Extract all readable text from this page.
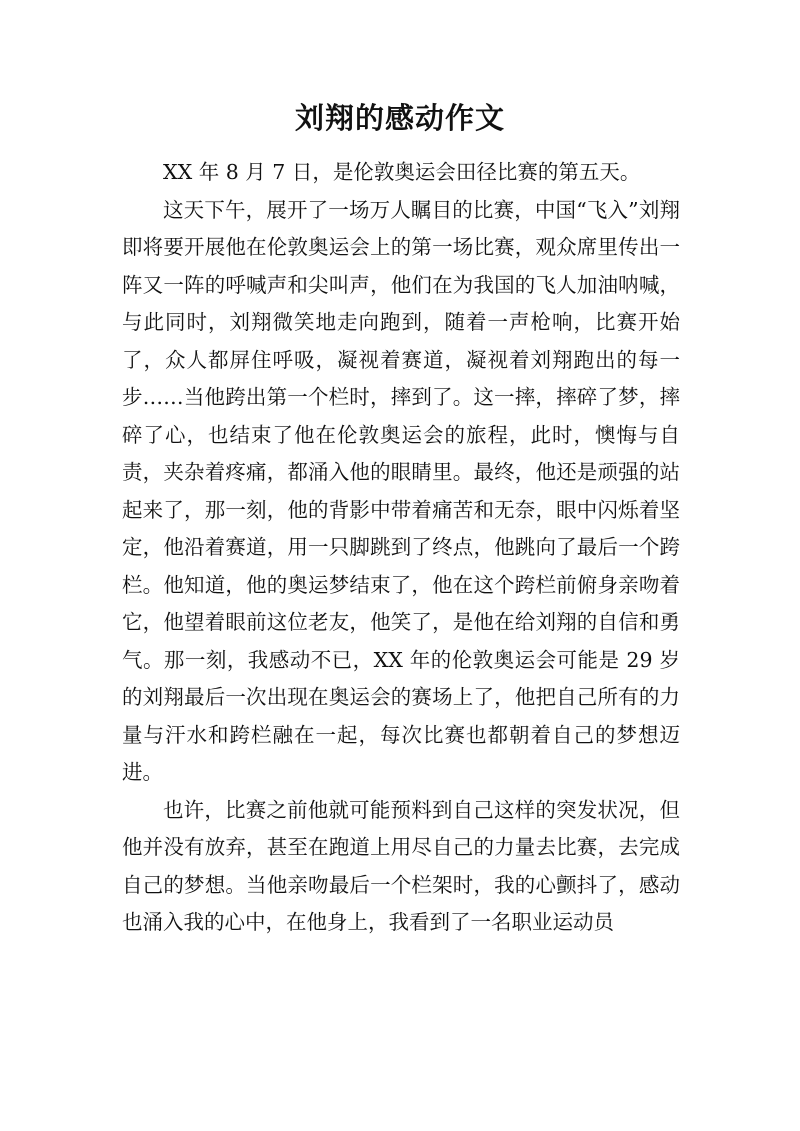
刘翔的感动作文

XX 年 8 月 7 日，是伦敦奥运会田径比赛的第五天。

这天下午，展开了一场万人瞩目的比赛，中国“飞入”刘翔即将要开展他在伦敦奥运会上的第一场比赛，观众席里传出一阵又一阵的呼喊声和尖叫声，他们在为我国的飞人加油呐喊，与此同时，刘翔微笑地走向跑到，随着一声枪响，比赛开始了，众人都屏住呼吸，凝视着赛道，凝视着刘翔跑出的每一步……当他跨出第一个栏时，摔到了。这一摔，摔碎了梦，摔碎了心，也结束了他在伦敦奥运会的旅程，此时，懊悔与自责，夹杂着疼痛，都涌入他的眼睛里。最终，他还是顽强的站起来了，那一刻，他的背影中带着痛苦和无奈，眼中闪烁着坚定，他沿着赛道，用一只脚跳到了终点，他跳向了最后一个跨栏。他知道，他的奥运梦结束了，他在这个跨栏前俯身亲吻着它，他望着眼前这位老友，他笑了，是他在给刘翔的自信和勇气。那一刻，我感动不已，XX 年的伦敦奥运会可能是 29 岁的刘翔最后一次出现在奥运会的赛场上了，他把自己所有的力量与汗水和跨栏融在一起，每次比赛也都朝着自己的梦想迈进。

也许，比赛之前他就可能预料到自己这样的突发状况，但他并没有放弃，甚至在跑道上用尽自己的力量去比赛，去完成自己的梦想。当他亲吻最后一个栏架时，我的心颤抖了，感动也涌入我的心中，在他身上，我看到了一名职业运动员
